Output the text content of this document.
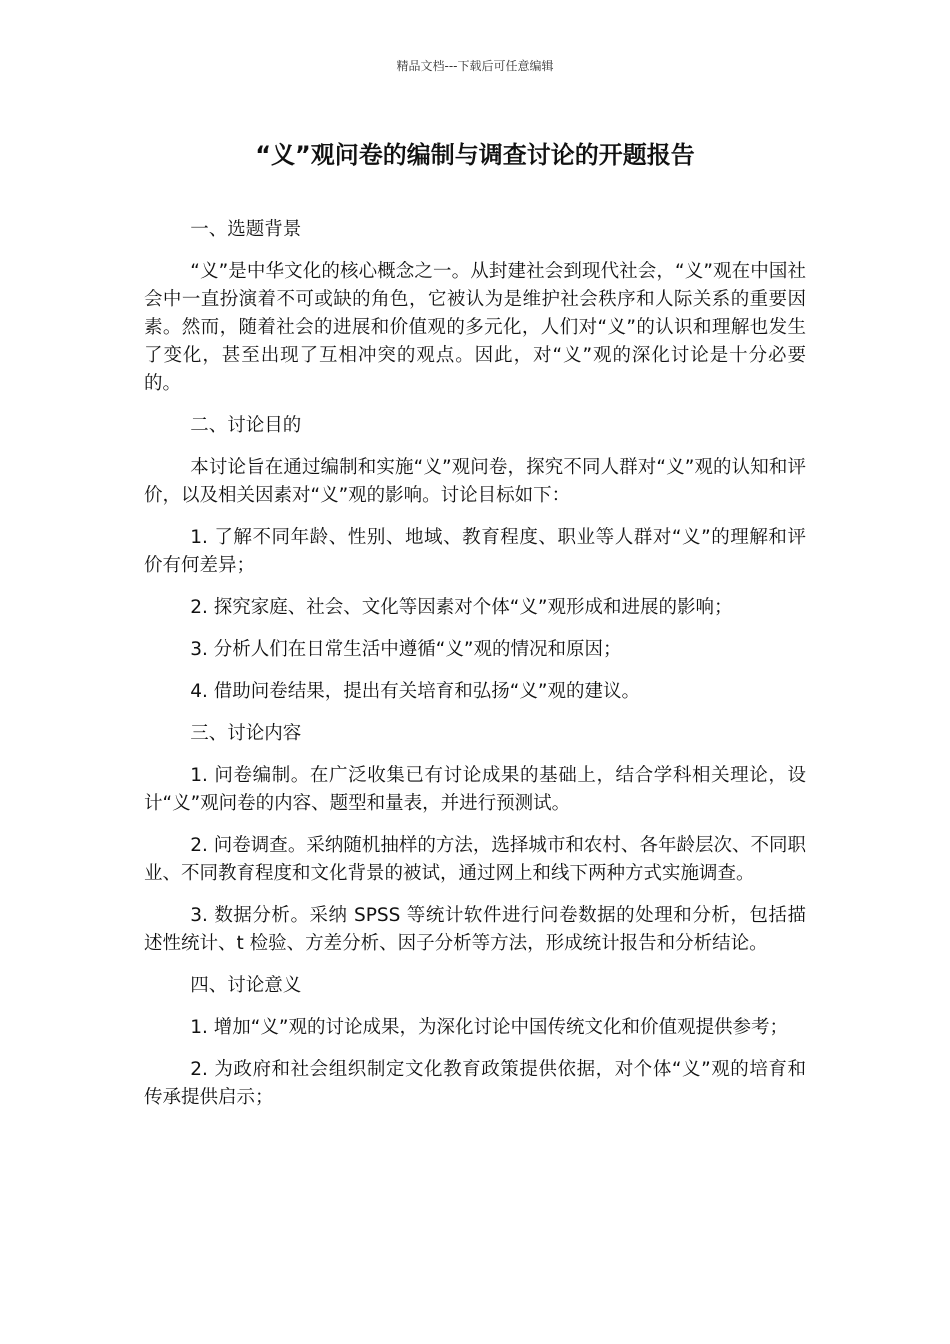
精品文档---下载后可任意编辑
“义”观问卷的编制与调查讨论的开题报告

一、选题背景

“义”是中华文化的核心概念之一。从封建社会到现代社会，“义”观在中国社会中一直扮演着不可或缺的角色，它被认为是维护社会秩序和人际关系的重要因素。然而，随着社会的进展和价值观的多元化，人们对“义”的认识和理解也发生了变化，甚至出现了互相冲突的观点。因此，对“义”观的深化讨论是十分必要的。

二、讨论目的

本讨论旨在通过编制和实施“义”观问卷，探究不同人群对“义”观的认知和评价，以及相关因素对“义”观的影响。讨论目标如下：

1. 了解不同年龄、性别、地域、教育程度、职业等人群对“义”的理解和评价有何差异；

2. 探究家庭、社会、文化等因素对个体“义”观形成和进展的影响；

3. 分析人们在日常生活中遵循“义”观的情况和原因；

4. 借助问卷结果，提出有关培育和弘扬“义”观的建议。

三、讨论内容

1. 问卷编制。在广泛收集已有讨论成果的基础上，结合学科相关理论，设计“义”观问卷的内容、题型和量表，并进行预测试。

2. 问卷调查。采纳随机抽样的方法，选择城市和农村、各年龄层次、不同职业、不同教育程度和文化背景的被试，通过网上和线下两种方式实施调查。

3. 数据分析。采纳 SPSS 等统计软件进行问卷数据的处理和分析，包括描述性统计、t 检验、方差分析、因子分析等方法，形成统计报告和分析结论。

四、讨论意义

1. 增加“义”观的讨论成果，为深化讨论中国传统文化和价值观提供参考；

2. 为政府和社会组织制定文化教育政策提供依据，对个体“义”观的培育和传承提供启示；
